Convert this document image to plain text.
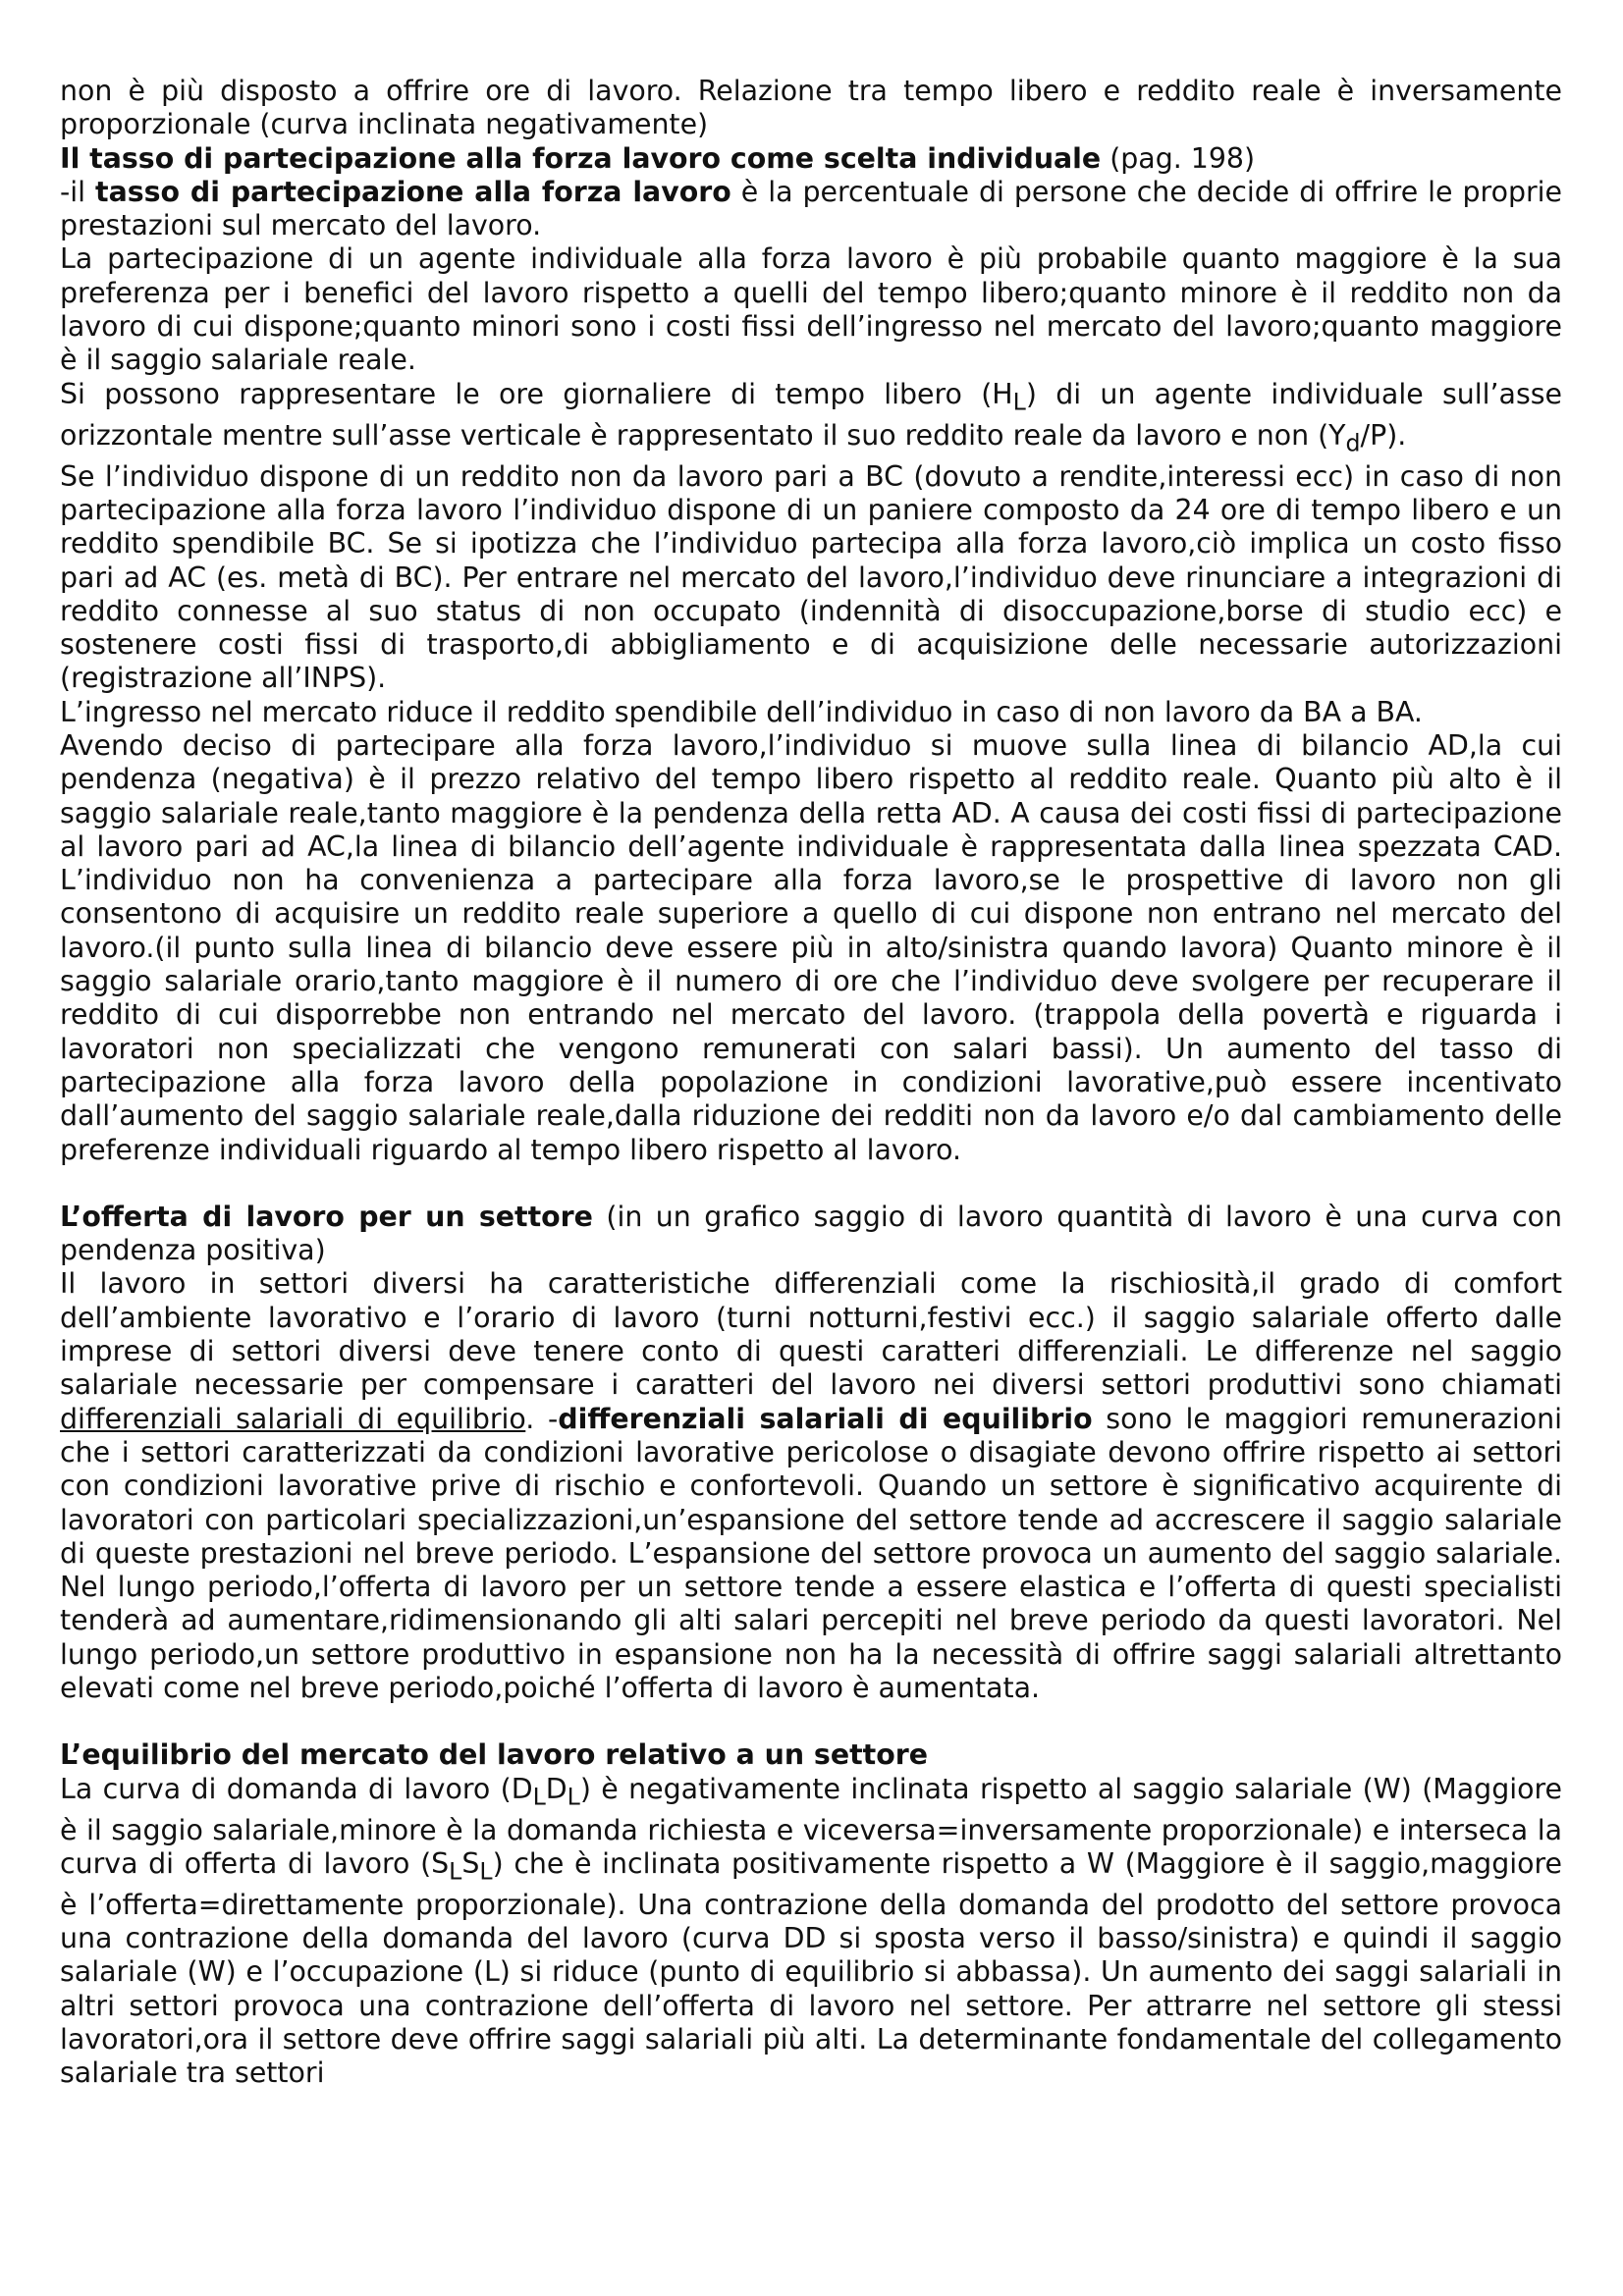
non è più disposto a offrire ore di lavoro. Relazione tra tempo libero e reddito reale è inversamente proporzionale (curva inclinata negativamente)

Il tasso di partecipazione alla forza lavoro come scelta individuale (pag. 198)

-il tasso di partecipazione alla forza lavoro è la percentuale di persone che decide di offrire le proprie prestazioni sul mercato del lavoro.

La partecipazione di un agente individuale alla forza lavoro è più probabile quanto maggiore è la sua preferenza per i benefici del lavoro rispetto a quelli del tempo libero;quanto minore è il reddito non da lavoro di cui dispone;quanto minori sono i costi fissi dell’ingresso nel mercato del lavoro;quanto maggiore è il saggio salariale reale.

Si possono rappresentare le ore giornaliere di tempo libero $(H_L)$ di un agente individuale sull’asse orizzontale mentre sull’asse verticale è rappresentato il suo reddito reale da lavoro e non $(Y_d/P)$.

Se l’individuo dispone di un reddito non da lavoro pari a BC (dovuto a rendite,interessi ecc) in caso di non partecipazione alla forza lavoro l’individuo dispone di un paniere composto da 24 ore di tempo libero e un reddito spendibile BC. Se si ipotizza che l’individuo partecipa alla forza lavoro,ciò implica un costo fisso pari ad AC (es. metà di BC). Per entrare nel mercato del lavoro,l’individuo deve rinunciare a integrazioni di reddito connesse al suo status di non occupato (indennità di disoccupazione,borse di studio ecc) e sostenere costi fissi di trasporto,di abbigliamento e di acquisizione delle necessarie autorizzazioni (registrazione all’INPS).

L’ingresso nel mercato riduce il reddito spendibile dell’individuo in caso di non lavoro da BA a BA.

Avendo deciso di partecipare alla forza lavoro,l’individuo si muove sulla linea di bilancio AD,la cui pendenza (negativa) è il prezzo relativo del tempo libero rispetto al reddito reale. Quanto più alto è il saggio salariale reale,tanto maggiore è la pendenza della retta AD. A causa dei costi fissi di partecipazione al lavoro pari ad AC,la linea di bilancio dell’agente individuale è rappresentata dalla linea spezzata CAD. L’individuo non ha convenienza a partecipare alla forza lavoro,se le prospettive di lavoro non gli consentono di acquisire un reddito reale superiore a quello di cui dispone non entrano nel mercato del lavoro.(il punto sulla linea di bilancio deve essere più in alto/sinistra quando lavora) Quanto minore è il saggio salariale orario,tanto maggiore è il numero di ore che l’individuo deve svolgere per recuperare il reddito di cui disporrebbe non entrando nel mercato del lavoro. (trappola della povertà e riguarda i lavoratori non specializzati che vengono remunerati con salari bassi). Un aumento del tasso di partecipazione alla forza lavoro della popolazione in condizioni lavorative,può essere incentivato dall’aumento del saggio salariale reale,dalla riduzione dei redditi non da lavoro e/o dal cambiamento delle preferenze individuali riguardo al tempo libero rispetto al lavoro.

L’offerta di lavoro per un settore (in un grafico saggio di lavoro quantità di lavoro è una curva con pendenza positiva)

Il lavoro in settori diversi ha caratteristiche differenziali come la rischiosità,il grado di comfort dell’ambiente lavorativo e l’orario di lavoro (turni notturni,festivi ecc.) il saggio salariale offerto dalle imprese di settori diversi deve tenere conto di questi caratteri differenziali. Le differenze nel saggio salariale necessarie per compensare i caratteri del lavoro nei diversi settori produttivi sono chiamati differenziali salariali di equilibrio. -differenziali salariali di equilibrio sono le maggiori remunerazioni che i settori caratterizzati da condizioni lavorative pericolose o disagiate devono offrire rispetto ai settori con condizioni lavorative prive di rischio e confortevoli. Quando un settore è significativo acquirente di lavoratori con particolari specializzazioni,un’espansione del settore tende ad accrescere il saggio salariale di queste prestazioni nel breve periodo. L’espansione del settore provoca un aumento del saggio salariale. Nel lungo periodo,l’offerta di lavoro per un settore tende a essere elastica e l’offerta di questi specialisti tenderà ad aumentare,ridimensionando gli alti salari percepiti nel breve periodo da questi lavoratori. Nel lungo periodo,un settore produttivo in espansione non ha la necessità di offrire saggi salariali altrettanto elevati come nel breve periodo,poiché l’offerta di lavoro è aumentata.

L’equilibrio del mercato del lavoro relativo a un settore

La curva di domanda di lavoro $(D_LD_L)$ è negativamente inclinata rispetto al saggio salariale (W) (Maggiore è il saggio salariale,minore è la domanda richiesta e viceversa=inversamente proporzionale) e interseca la curva di offerta di lavoro $(S_LS_L)$ che è inclinata positivamente rispetto a W (Maggiore è il saggio,maggiore è l’offerta=direttamente proporzionale). Una contrazione della domanda del prodotto del settore provoca una contrazione della domanda del lavoro (curva DD si sposta verso il basso/sinistra) e quindi il saggio salariale (W) e l’occupazione (L) si riduce (punto di equilibrio si abbassa). Un aumento dei saggi salariali in altri settori provoca una contrazione dell’offerta di lavoro nel settore. Per attrarre nel settore gli stessi lavoratori,ora il settore deve offrire saggi salariali più alti. La determinante fondamentale del collegamento salariale tra settori
